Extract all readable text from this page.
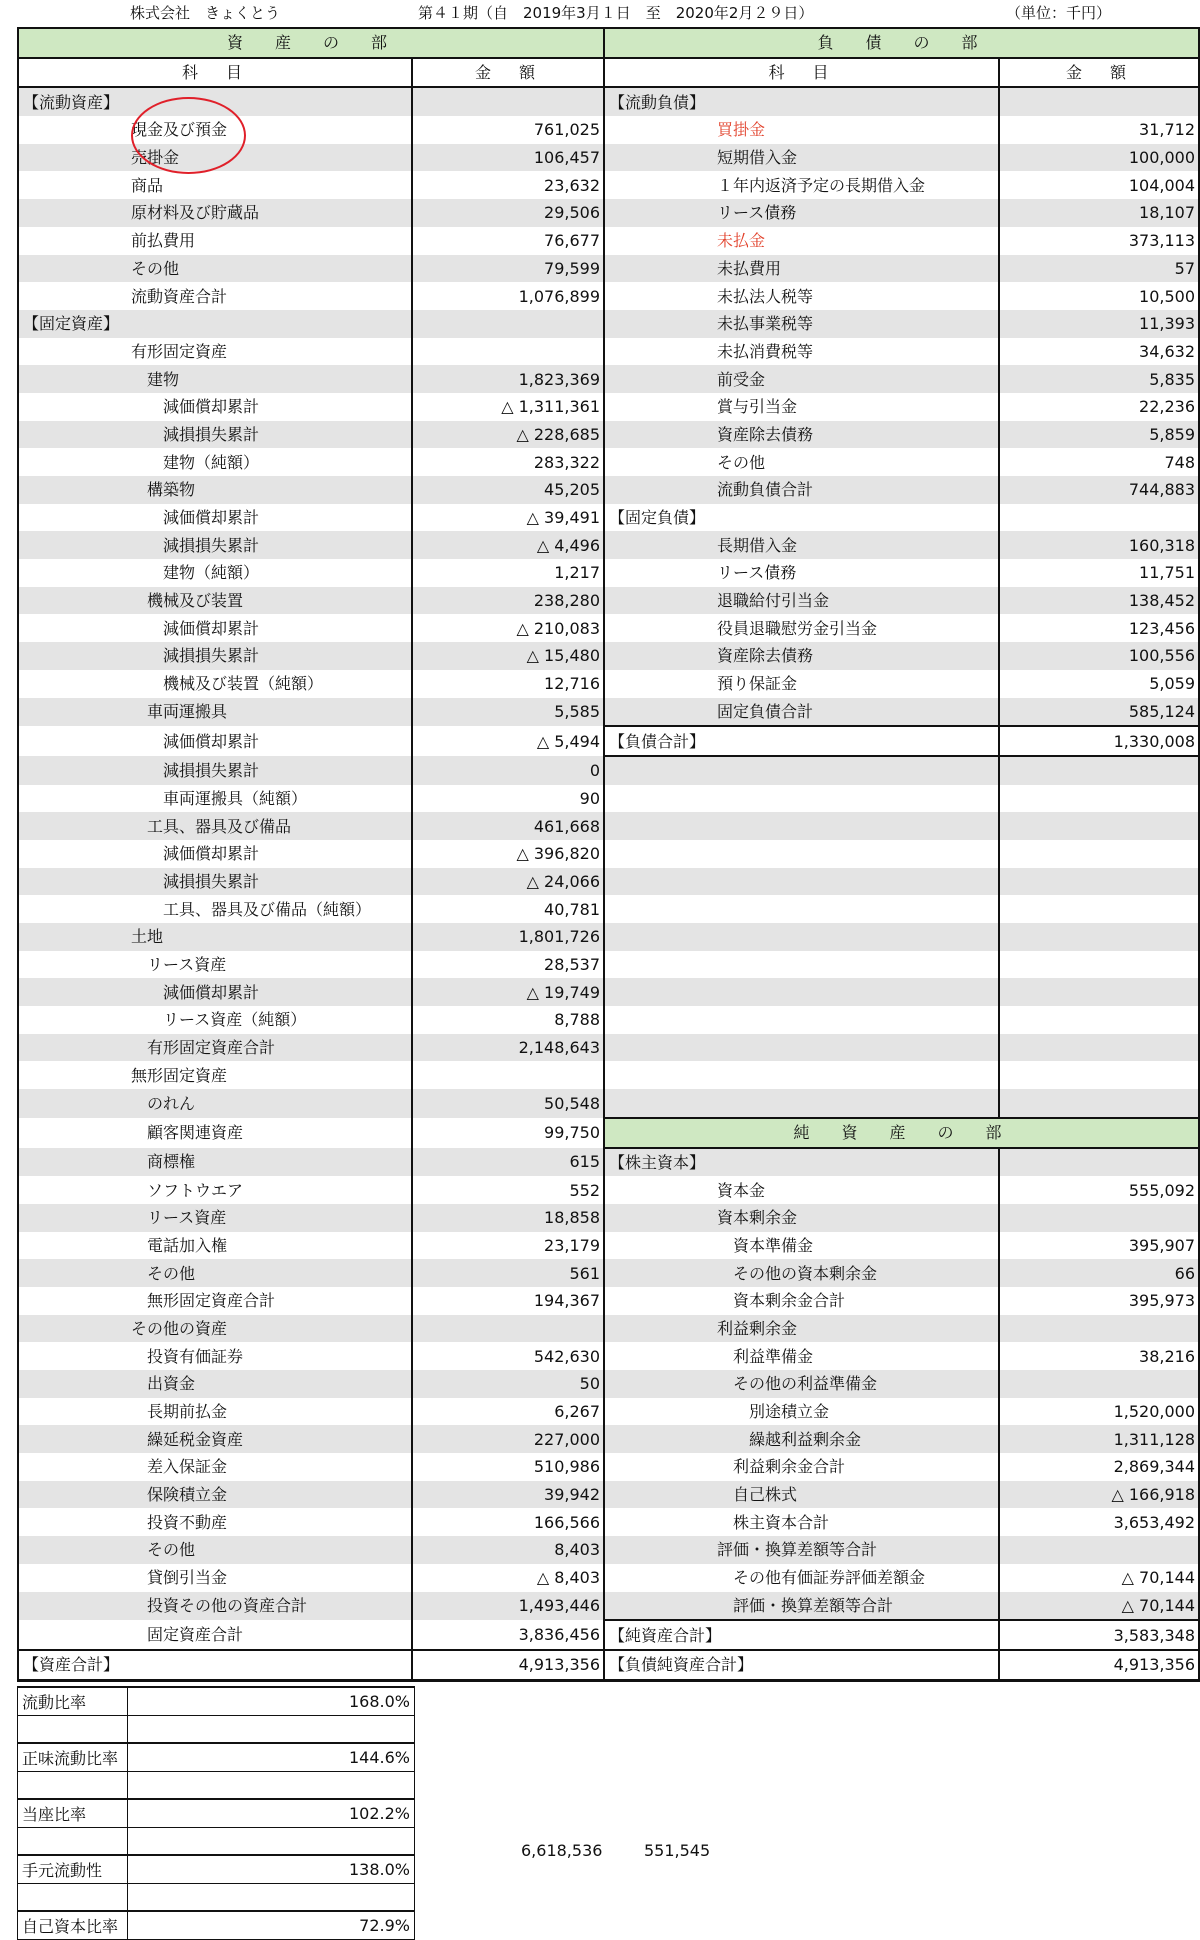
株式会社　きょくとう	第４１期（自　2019年3月１日　至　2020年2月２９日）	（単位：千円）
資　産　の　部		負　債　の　部	
科　目	金　額	科　目	金　額
【流動資産】		【流動負債】	
現金及び預金	761,025	買掛金	31,712
売掛金	106,457	短期借入金	100,000
商品	23,632	１年内返済予定の長期借入金	104,004
原材料及び貯蔵品	29,506	リース債務	18,107
前払費用	76,677	未払金	373,113
その他	79,599	未払費用	57
流動資産合計	1,076,899	未払法人税等	10,500
【固定資産】		未払事業税等	11,393
有形固定資産		未払消費税等	34,632
建物	1,823,369	前受金	5,835
減価償却累計	△ 1,311,361	賞与引当金	22,236
減損損失累計	△ 228,685	資産除去債務	5,859
建物（純額）	283,322	その他	748
構築物	45,205	流動負債合計	744,883
減価償却累計	△ 39,491	【固定負債】	
減損損失累計	△ 4,496	長期借入金	160,318
建物（純額）	1,217	リース債務	11,751
機械及び装置	238,280	退職給付引当金	138,452
減価償却累計	△ 210,083	役員退職慰労金引当金	123,456
減損損失累計	△ 15,480	資産除去債務	100,556
機械及び装置（純額）	12,716	預り保証金	5,059
車両運搬具	5,585	固定負債合計	585,124
減価償却累計	△ 5,494	【負債合計】	1,330,008
減損損失累計	0		
車両運搬具（純額）	90		
工具、器具及び備品	461,668		
減価償却累計	△ 396,820		
減損損失累計	△ 24,066		
工具、器具及び備品（純額）	40,781		
土地	1,801,726		
リース資産	28,537		
減価償却累計	△ 19,749		
リース資産（純額）	8,788		
有形固定資産合計	2,148,643		
無形固定資産			
のれん	50,548		
顧客関連資産	99,750	純　資　産　の　部	
商標権	615	【株主資本】	
ソフトウエア	552	資本金	555,092
リース資産	18,858	資本剰余金	
電話加入権	23,179	資本準備金	395,907
その他	561	その他の資本剰余金	66
無形固定資産合計	194,367	資本剰余金合計	395,973
その他の資産		利益剰余金	
投資有価証券	542,630	利益準備金	38,216
出資金	50	その他の利益準備金	
長期前払金	6,267	別途積立金	1,520,000
繰延税金資産	227,000	繰越利益剰余金	1,311,128
差入保証金	510,986	利益剰余金合計	2,869,344
保険積立金	39,942	自己株式	△ 166,918
投資不動産	166,566	株主資本合計	3,653,492
その他	8,403	評価・換算差額等合計	
貸倒引当金	△ 8,403	その他有価証券評価差額金	△ 70,144
投資その他の資産合計	1,493,446	評価・換算差額等合計	△ 70,144
固定資産合計	3,836,456	【純資産合計】	3,583,348
【資産合計】	4,913,356	【負債純資産合計】	4,913,356
流動比率	168.0%

正味流動比率	144.6%

当座比率	102.2%

手元流動性	138.0%

自己資本比率	72.9%
6,618,536	551,545
